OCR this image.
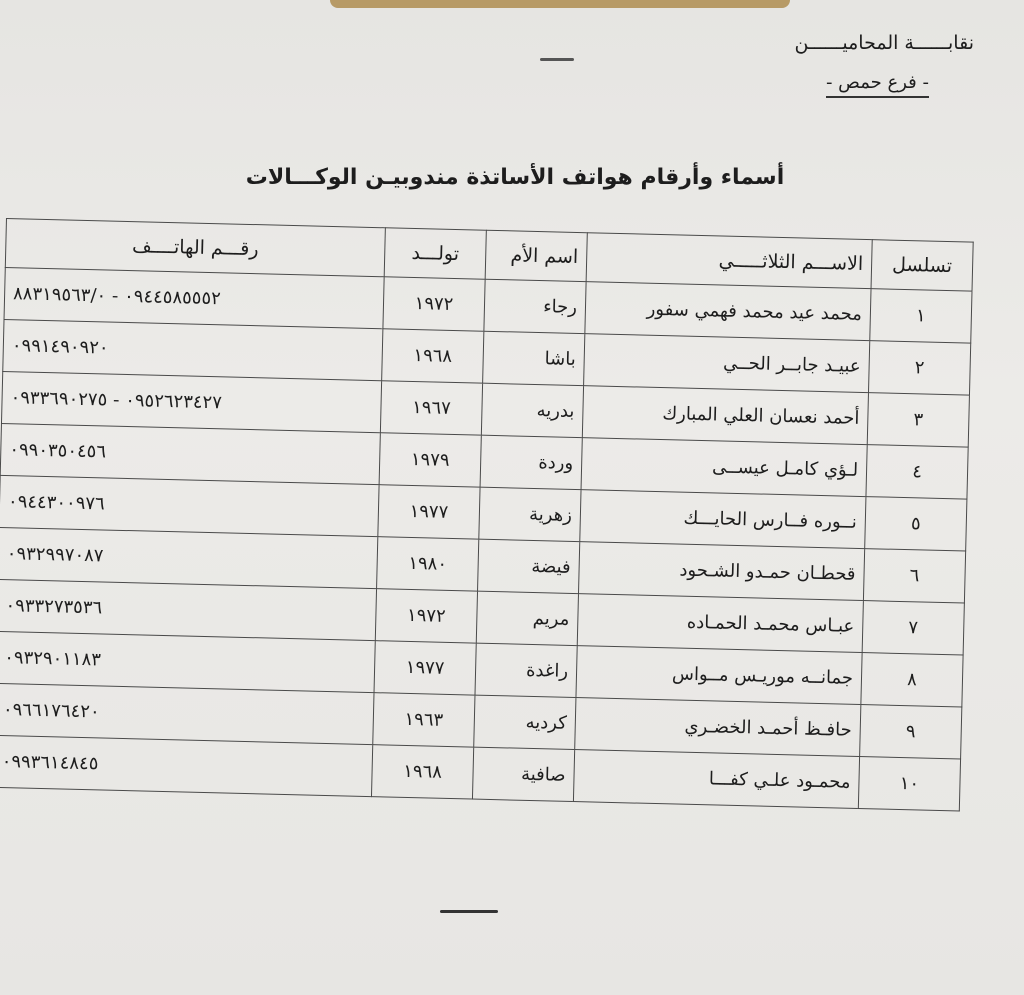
نقابــــــة المحاميــــــن
- فرع حمص -
أسماء وأرقام هواتف الأساتذة مندوبيـن الوكـــالات
تسلسل	الاســـم الثلاثـــــي	اسم الأم	تولـــد	رقـــم الهاتــــف
١	محمد عيد محمد فهمي سفور	رجاء	١٩٧٢	٠٩٤٤٥٨٥٥٥٢ - ٨٨٣١٩٥٦٣/٠
٢	عبيـد جابــر الحــي	باشا	١٩٦٨	٠٩٩١٤٩٠٩٢٠
٣	أحمد نعسان العلي المبارك	بدريه	١٩٦٧	٠٩٥٢٦٢٣٤٢٧ - ٠٩٣٣٦٩٠٢٧٥
٤	لـؤي كامـل عيســى	وردة	١٩٧٩	٠٩٩٠٣٥٠٤٥٦
٥	نــوره فــارس الحايـــك	زهرية	١٩٧٧	٠٩٤٤٣٠٠٩٧٦
٦	قحطـان حمـدو الشـحود	فيضة	١٩٨٠	٠٩٣٢٩٩٧٠٨٧
٧	عبـاس محمـد الحمـاده	مريم	١٩٧٢	٠٩٣٣٢٧٣٥٣٦
٨	جمانــه موريـس مــواس	راغدة	١٩٧٧	٠٩٣٢٩٠١١٨٣
٩	حافـظ أحمـد الخضـري	كرديه	١٩٦٣	٠٩٦٦١٧٦٤٢٠
١٠	محمـود علـي كفـــا	صافية	١٩٦٨	٠٩٩٣٦١٤٨٤٥
